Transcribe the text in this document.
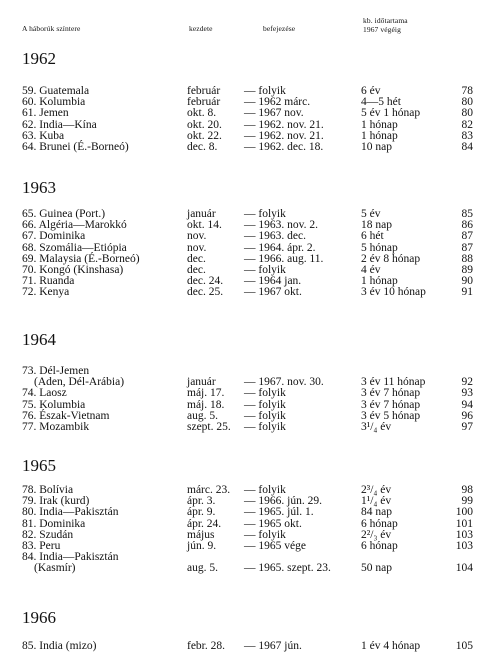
A háborúk színtere	kezdete	befejezése
kb. időtartama
1967 végéig
1962
59. Guatemala	február — folyik	6 év	78
60. Kolumbia	február — 1962 márc.	4—5 hét	80
61. Jemen	okt. 8. — 1967 nov.	5 év 1 hónap	80
62. India—Kína	okt. 20. — 1962. nov. 21.	1 hónap	82
63. Kuba	okt. 22. — 1962. nov. 21.	1 hónap	83
64. Brunei (É.-Borneó)	dec. 8. — 1962. dec. 18.	10 nap	84
1963
65. Guinea (Port.)	január — folyik	5 év	85
66. Algéria—Marokkó	okt. 14. — 1963. nov. 2.	18 nap	86
67. Dominika	nov.	— 1963. dec.	6 hét	87
68. Szomália—Etiópia	nov.	— 1964. ápr. 2.	5 hónap	87
69. Malaysia (É.-Borneó)	dec.	— 1966. aug. 11.	2 év 8 hónap	88
70. Kongó (Kinshasa)	dec.	— folyik	4 év	89
71. Ruanda	dec. 24. — 1964 jan.	1 hónap	90
72. Kenya	dec. 25. — 1967 okt.	3 év 10 hónap	91
1964
73. Dél-Jemen
(Aden, Dél-Arábia)	január — 1967. nov. 30.	3 év 11 hónap	92
74. Laosz	máj. 17. — folyik	3 év 7 hónap	93
75. Kolumbia	máj. 18. — folyik	3 év 7 hónap	94
76. Észak-Vietnam	aug. 5. — folyik	3 év 5 hónap	96
77. Mozambik	szept. 25. — folyik	3¹/₄ év	97
1965
78. Bolívia	márc. 23. — folyik	2³/₄ év	98
79. Irak (kurd)	ápr. 3. — 1966. jún. 29.	1¹/₄ év	99
80. India—Pakisztán	ápr. 9. — 1965. júl. 1.	84 nap	100
81. Dominika	ápr. 24. — 1965 okt.	6 hónap	101
82. Szudán	május	— folyik	2²/₃ év	103
83. Peru	jún. 9. — 1965 vége	6 hónap	103
84. India—Pakisztán
(Kasmír)	aug. 5. — 1965. szept. 23.	50 nap	104
1966
85. India (mizo)	febr. 28. — 1967 jún.	1 év 4 hónap	105
